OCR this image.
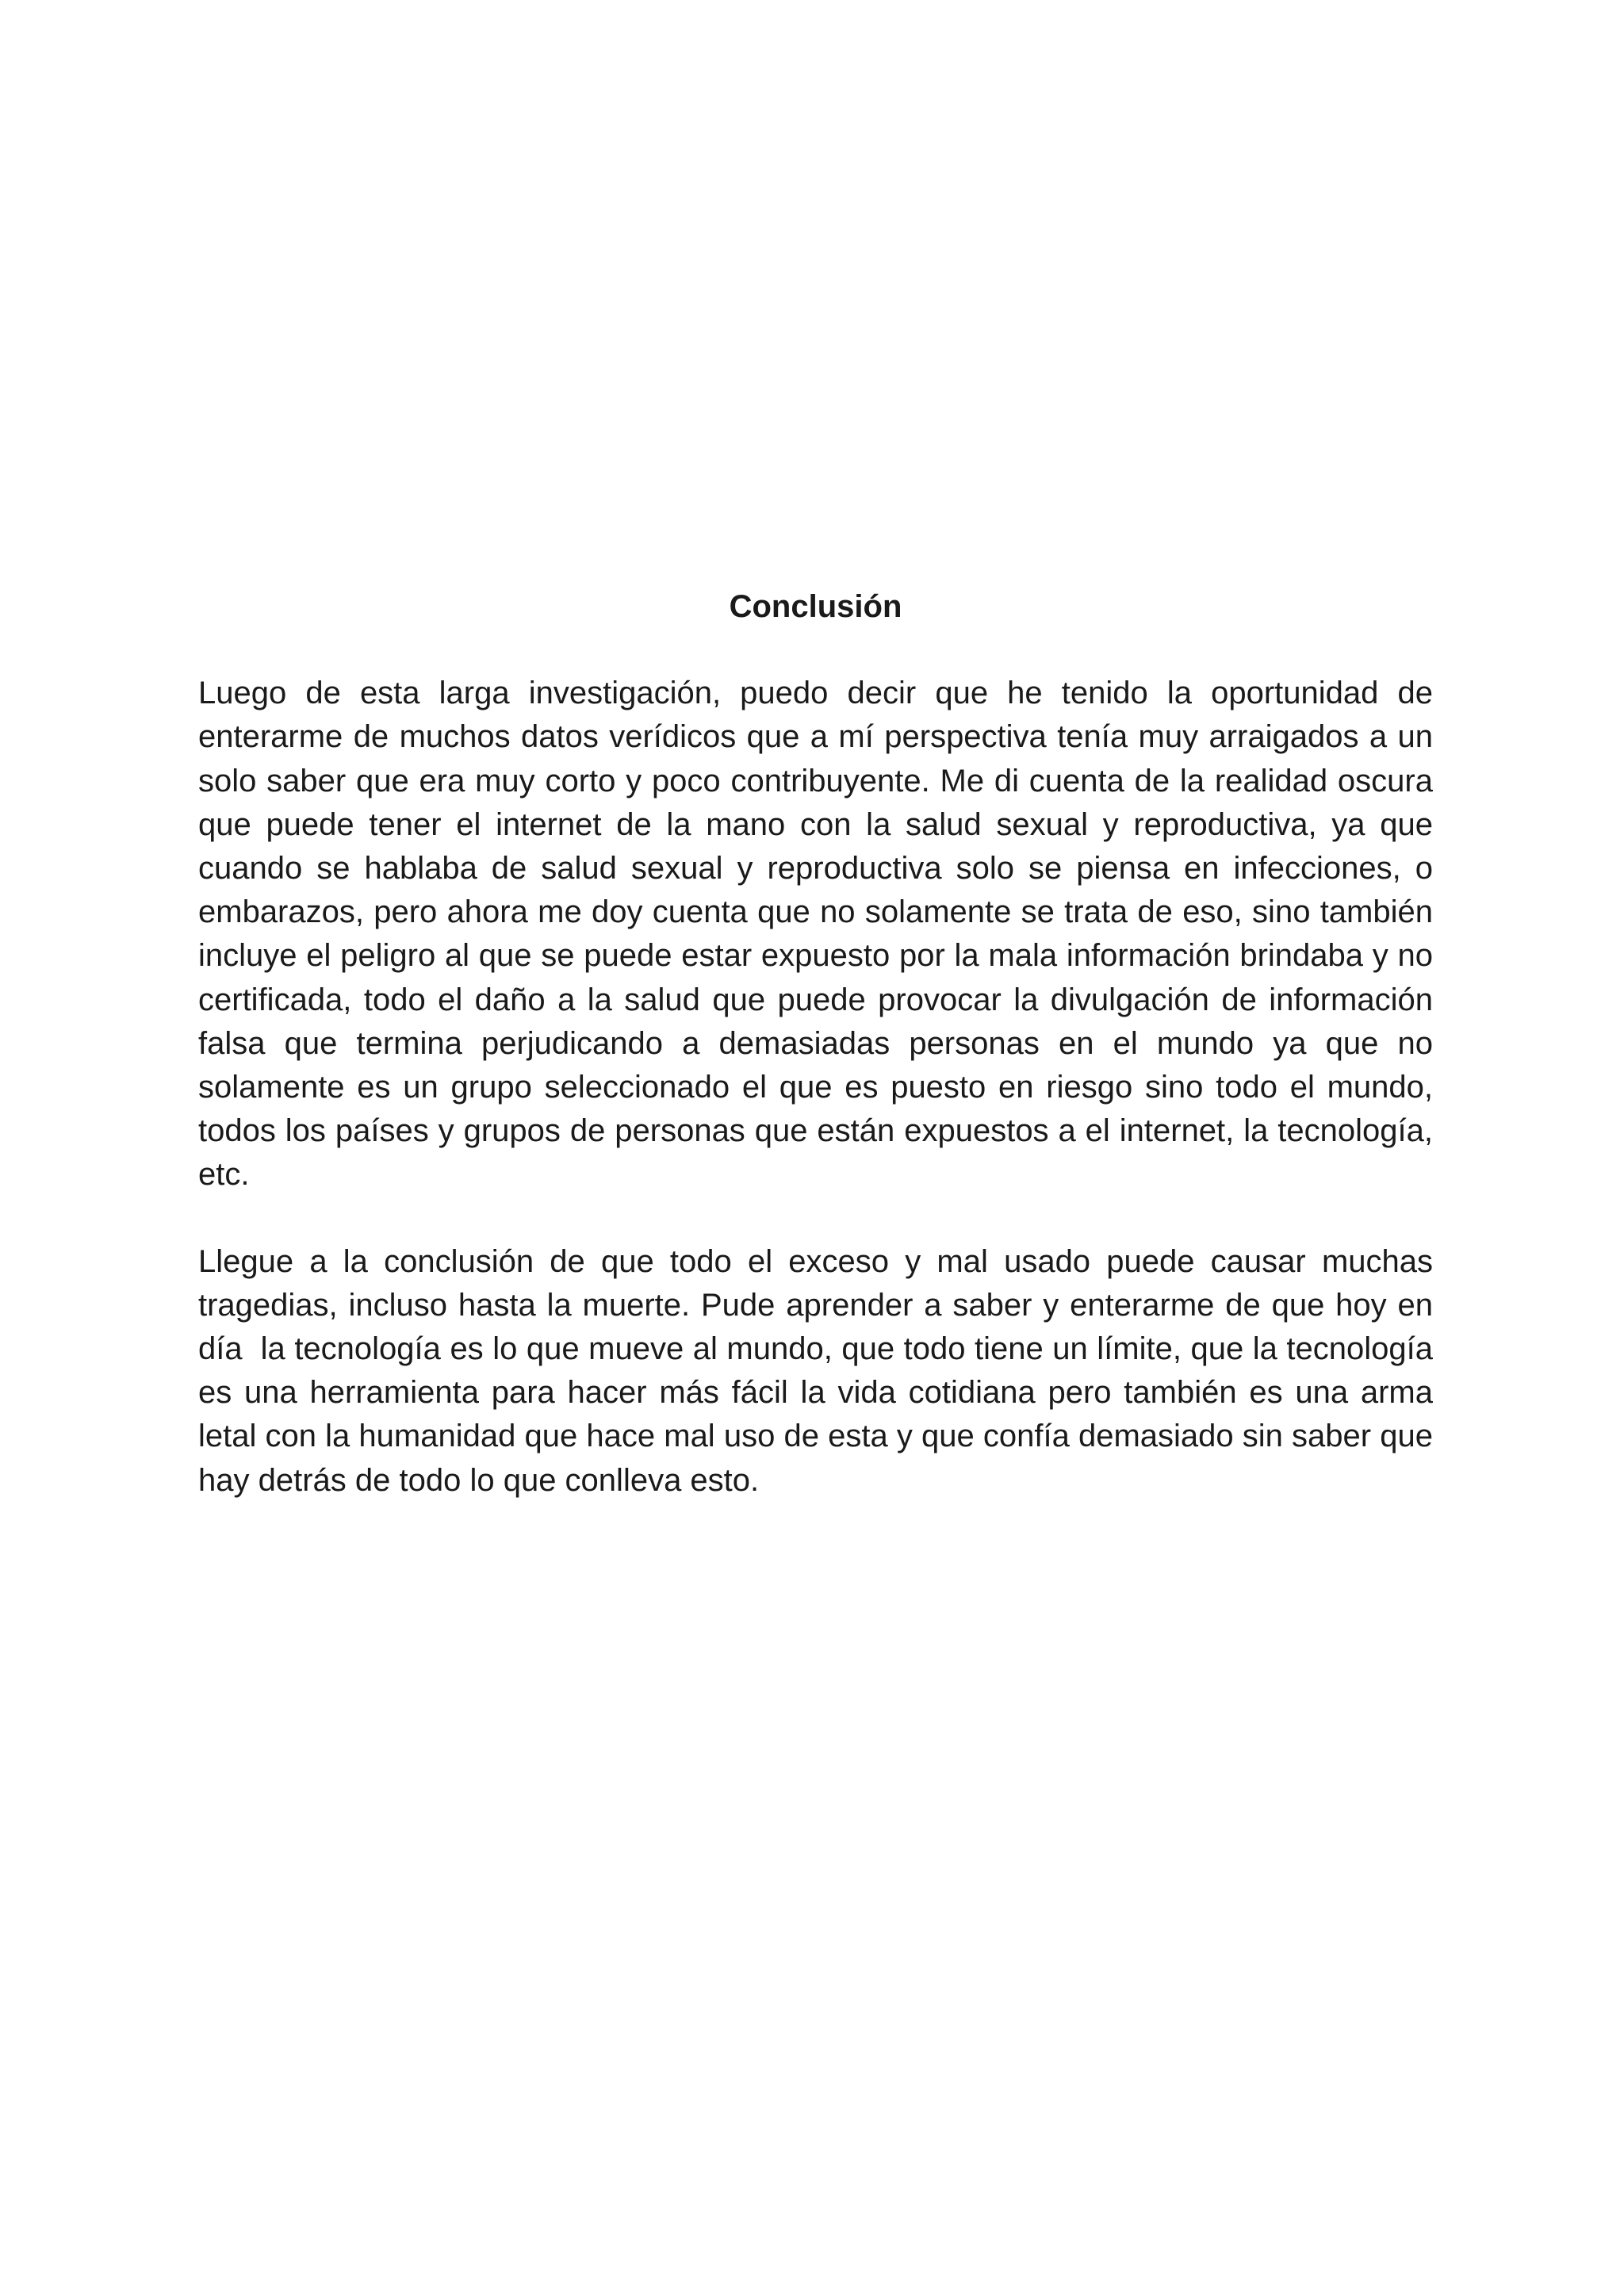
Conclusión

Luego de esta larga investigación, puedo decir que he tenido la oportunidad de enterarme de muchos datos verídicos que a mí perspectiva tenía muy arraigados a un solo saber que era muy corto y poco contribuyente. Me di cuenta de la realidad oscura que puede tener el internet de la mano con la salud sexual y reproductiva, ya que cuando se hablaba de salud sexual y reproductiva solo se piensa en infecciones, o embarazos, pero ahora me doy cuenta que no solamente se trata de eso, sino también incluye el peligro al que se puede estar expuesto por la mala información brindaba y no certificada, todo el daño a la salud que puede provocar la divulgación de información falsa que termina perjudicando a demasiadas personas en el mundo ya que no solamente es un grupo seleccionado el que es puesto en riesgo sino todo el mundo, todos los países y grupos de personas que están expuestos a el internet, la tecnología, etc.

Llegue a la conclusión de que todo el exceso y mal usado puede causar muchas tragedias, incluso hasta la muerte. Pude aprender a saber y enterarme de que hoy en día  la tecnología es lo que mueve al mundo, que todo tiene un límite, que la tecnología es una herramienta para hacer más fácil la vida cotidiana pero también es una arma letal con la humanidad que hace mal uso de esta y que confía demasiado sin saber que hay detrás de todo lo que conlleva esto.
